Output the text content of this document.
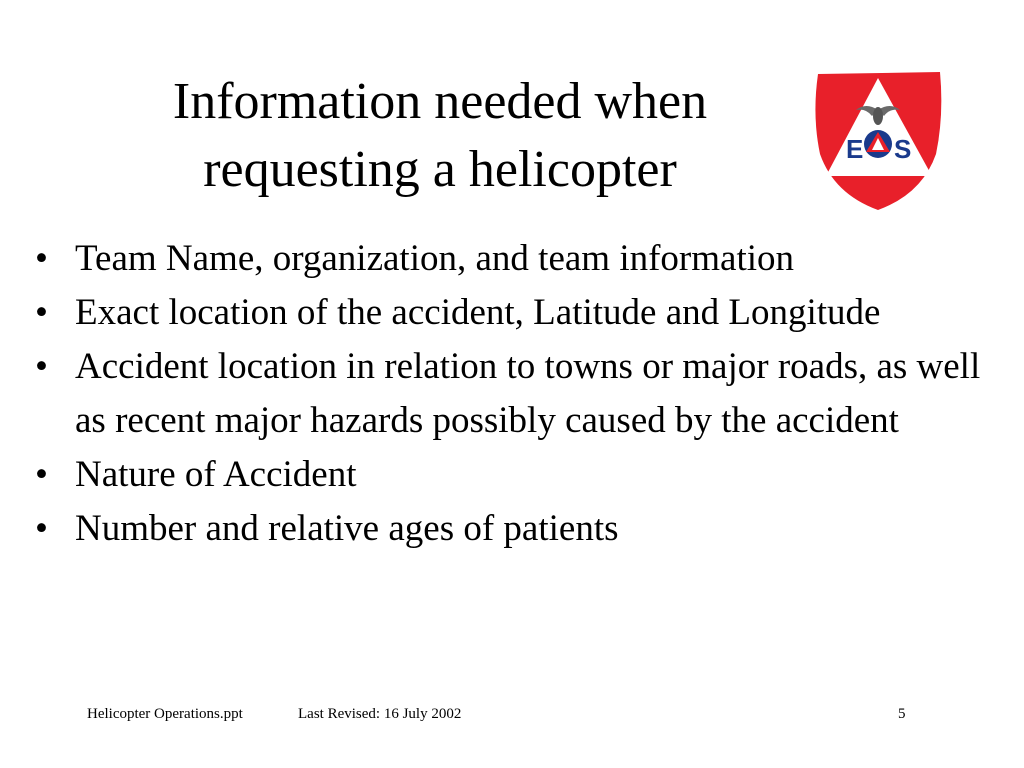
Information needed when
requesting a helicopter	E S
• Team Name, organization, and team information
• Exact location of the accident, Latitude and Longitude
• Accident location in relation to towns or major roads, as well as recent major hazards possibly caused by the accident
• Nature of Accident
• Number and relative ages of patients
Helicopter Operations.ppt	Last Revised: 16 July 2002	5
